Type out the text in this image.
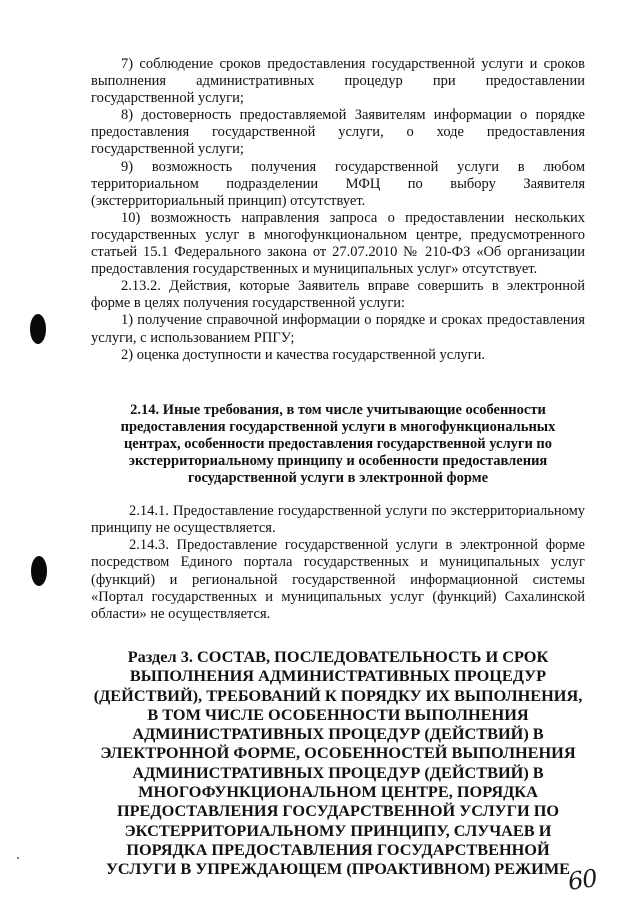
7) соблюдение сроков предоставления государственной услуги и сроков выполнения административных процедур при предоставлении государственной услуги;

8) достоверность предоставляемой Заявителям информации о порядке предоставления государственной услуги, о ходе предоставления государственной услуги;

9) возможность получения государственной услуги в любом территориальном подразделении МФЦ по выбору Заявителя (экстерриториальный принцип) отсутствует.

10) возможность направления запроса о предоставлении нескольких государственных услуг в многофункциональном центре, предусмотренного статьей 15.1 Федерального закона от 27.07.2010 № 210-ФЗ «Об организации предоставления государственных и муниципальных услуг» отсутствует.

2.13.2. Действия, которые Заявитель вправе совершить в электронной форме в целях получения государственной услуги:

1) получение справочной информации о порядке и сроках предоставления услуги, с использованием РПГУ;

2) оценка доступности и качества государственной услуги.

2.14. Иные требования, в том числе учитывающие особенности предоставления государственной услуги в многофункциональных центрах, особенности предоставления государственной услуги по экстерриториальному принципу и особенности предоставления государственной услуги в электронной форме

2.14.1. Предоставление государственной услуги по экстерриториальному принципу не осуществляется.

2.14.3. Предоставление государственной услуги в электронной форме посредством Единого портала государственных и муниципальных услуг (функций) и региональной государственной информационной системы «Портал государственных и муниципальных услуг (функций) Сахалинской области» не осуществляется.

Раздел 3. СОСТАВ, ПОСЛЕДОВАТЕЛЬНОСТЬ И СРОК ВЫПОЛНЕНИЯ АДМИНИСТРАТИВНЫХ ПРОЦЕДУР (ДЕЙСТВИЙ), ТРЕБОВАНИЙ К ПОРЯДКУ ИХ ВЫПОЛНЕНИЯ, В ТОМ ЧИСЛЕ ОСОБЕННОСТИ ВЫПОЛНЕНИЯ АДМИНИСТРАТИВНЫХ ПРОЦЕДУР (ДЕЙСТВИЙ) В ЭЛЕКТРОННОЙ ФОРМЕ, ОСОБЕННОСТЕЙ ВЫПОЛНЕНИЯ АДМИНИСТРАТИВНЫХ ПРОЦЕДУР (ДЕЙСТВИЙ) В МНОГОФУНКЦИОНАЛЬНОМ ЦЕНТРЕ, ПОРЯДКА ПРЕДОСТАВЛЕНИЯ ГОСУДАРСТВЕННОЙ УСЛУГИ ПО ЭКСТЕРРИТОРИАЛЬНОМУ ПРИНЦИПУ, СЛУЧАЕВ И ПОРЯДКА ПРЕДОСТАВЛЕНИЯ ГОСУДАРСТВЕННОЙ УСЛУГИ В УПРЕЖДАЮЩЕМ (ПРОАКТИВНОМ) РЕЖИМЕ

60
